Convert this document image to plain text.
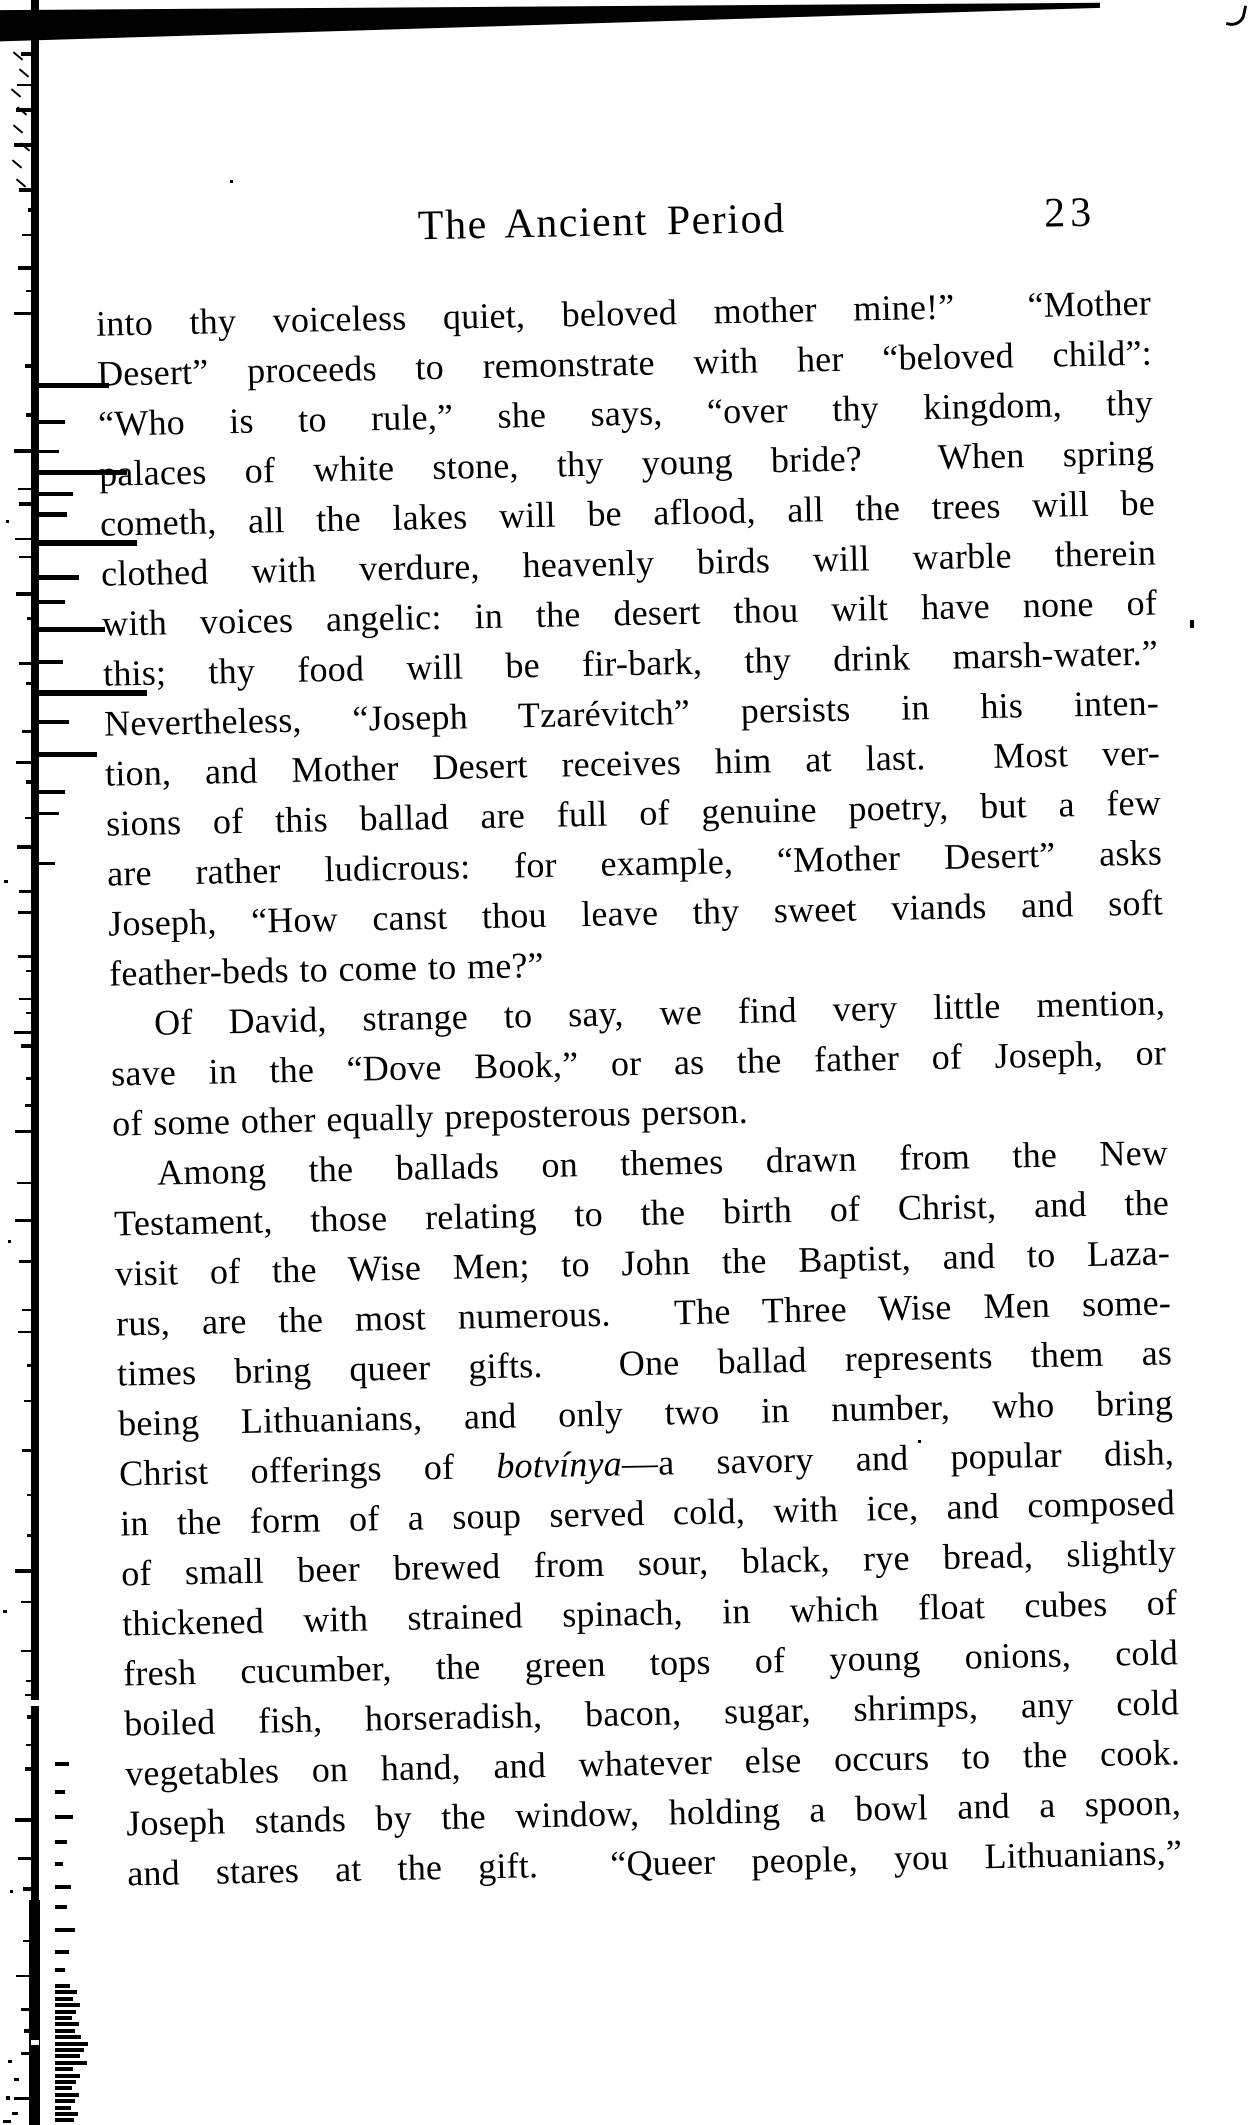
The Ancient Period	23
into thy voiceless quiet, beloved mother mine!”  “Mother
Desert” proceeds to remonstrate with her “beloved child”:
“Who is to rule,” she says, “over thy kingdom, thy
palaces of white stone, thy young bride?  When spring
cometh, all the lakes will be aflood, all the trees will be
clothed with verdure, heavenly birds will warble therein
with voices angelic: in the desert thou wilt have none of
this; thy food will be fir-bark, thy drink marsh-water.”
Nevertheless, “Joseph Tzarévitch” persists in his inten-
tion, and Mother Desert receives him at last.  Most ver-
sions of this ballad are full of genuine poetry, but a few
are rather ludicrous: for example, “Mother Desert” asks
Joseph, “How canst thou leave thy sweet viands and soft
feather-beds to come to me?”
Of David, strange to say, we find very little mention,
save in the “Dove Book,” or as the father of Joseph, or
of some other equally preposterous person.
Among the ballads on themes drawn from the New
Testament, those relating to the birth of Christ, and the
visit of the Wise Men; to John the Baptist, and to Laza-
rus, are the most numerous.  The Three Wise Men some-
times bring queer gifts.  One ballad represents them as
being Lithuanians, and only two in number, who bring
Christ offerings of botvínya—a savory and popular dish,
in the form of a soup served cold, with ice, and composed
of small beer brewed from sour, black, rye bread, slightly
thickened with strained spinach, in which float cubes of
fresh cucumber, the green tops of young onions, cold
boiled fish, horseradish, bacon, sugar, shrimps, any cold
vegetables on hand, and whatever else occurs to the cook.
Joseph stands by the window, holding a bowl and a spoon,
and stares at the gift.  “Queer people, you Lithuanians,”
